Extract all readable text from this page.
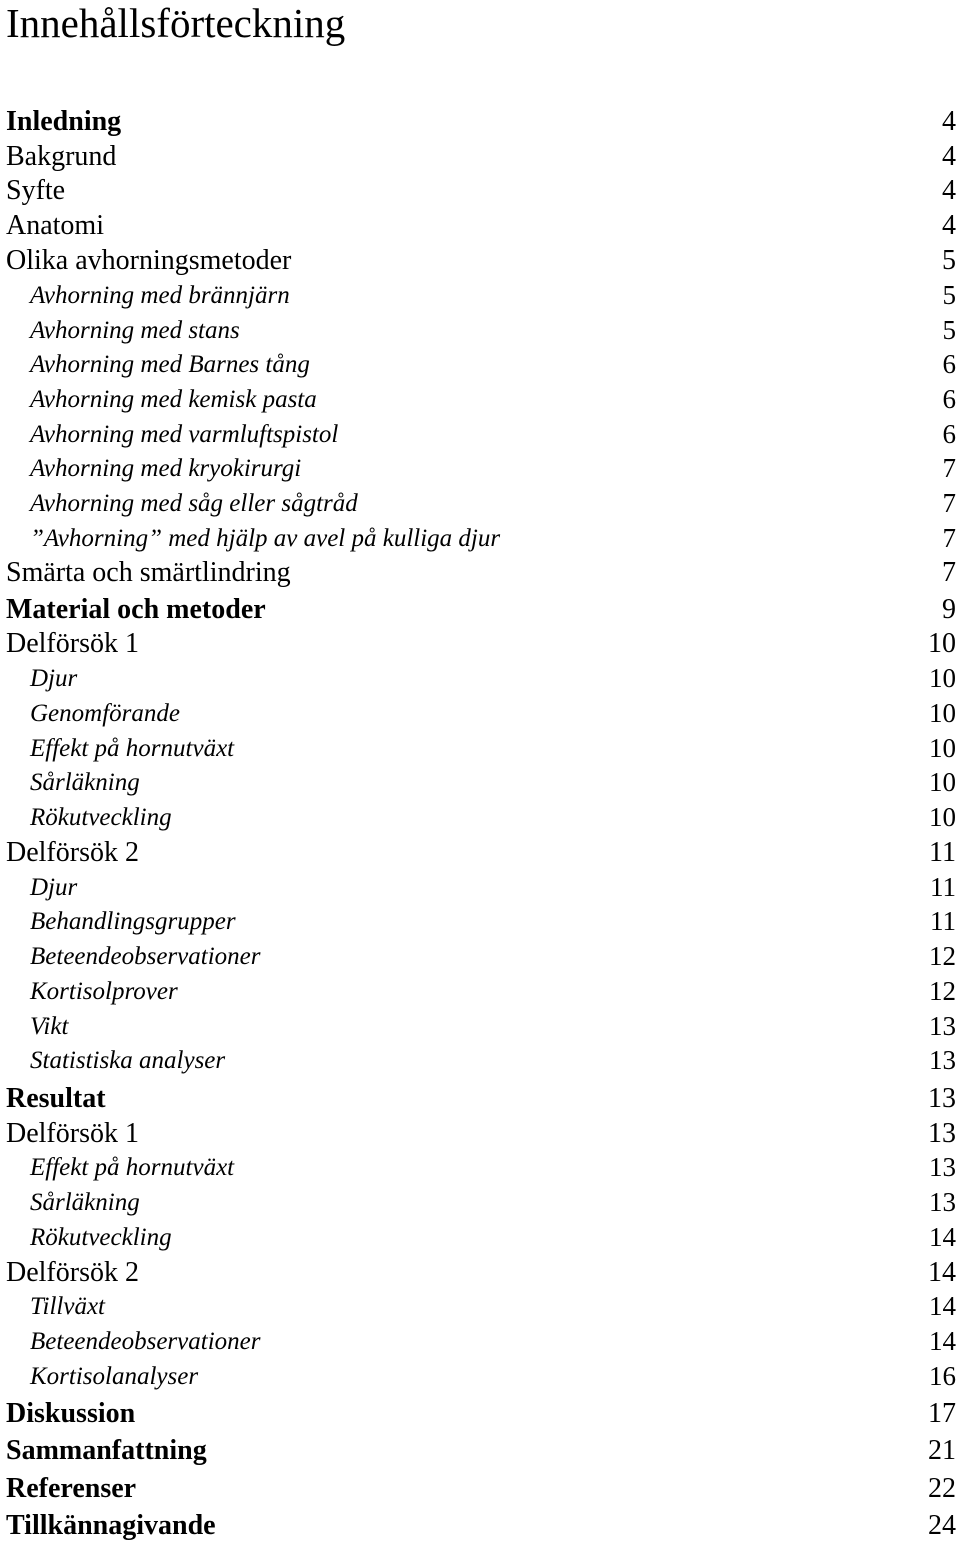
Innehållsförteckning
Inledning	4
Bakgrund	4
Syfte	4
Anatomi	4
Olika avhorningsmetoder	5
Avhorning med brännjärn	5
Avhorning med stans	5
Avhorning med Barnes tång	6
Avhorning med kemisk pasta	6
Avhorning med varmluftspistol	6
Avhorning med kryokirurgi	7
Avhorning med såg eller sågtråd	7
”Avhorning” med hjälp av avel på kulliga djur	7
Smärta och smärtlindring	7
Material och metoder	9
Delförsök 1	10
Djur	10
Genomförande	10
Effekt på hornutväxt	10
Sårläkning	10
Rökutveckling	10
Delförsök 2	11
Djur	11
Behandlingsgrupper	11
Beteendeobservationer	12
Kortisolprover	12
Vikt	13
Statistiska analyser	13
Resultat	13
Delförsök 1	13
Effekt på hornutväxt	13
Sårläkning	13
Rökutveckling	14
Delförsök 2	14
Tillväxt	14
Beteendeobservationer	14
Kortisolanalyser	16
Diskussion	17
Sammanfattning	21
Referenser	22
Tillkännagivande	24
